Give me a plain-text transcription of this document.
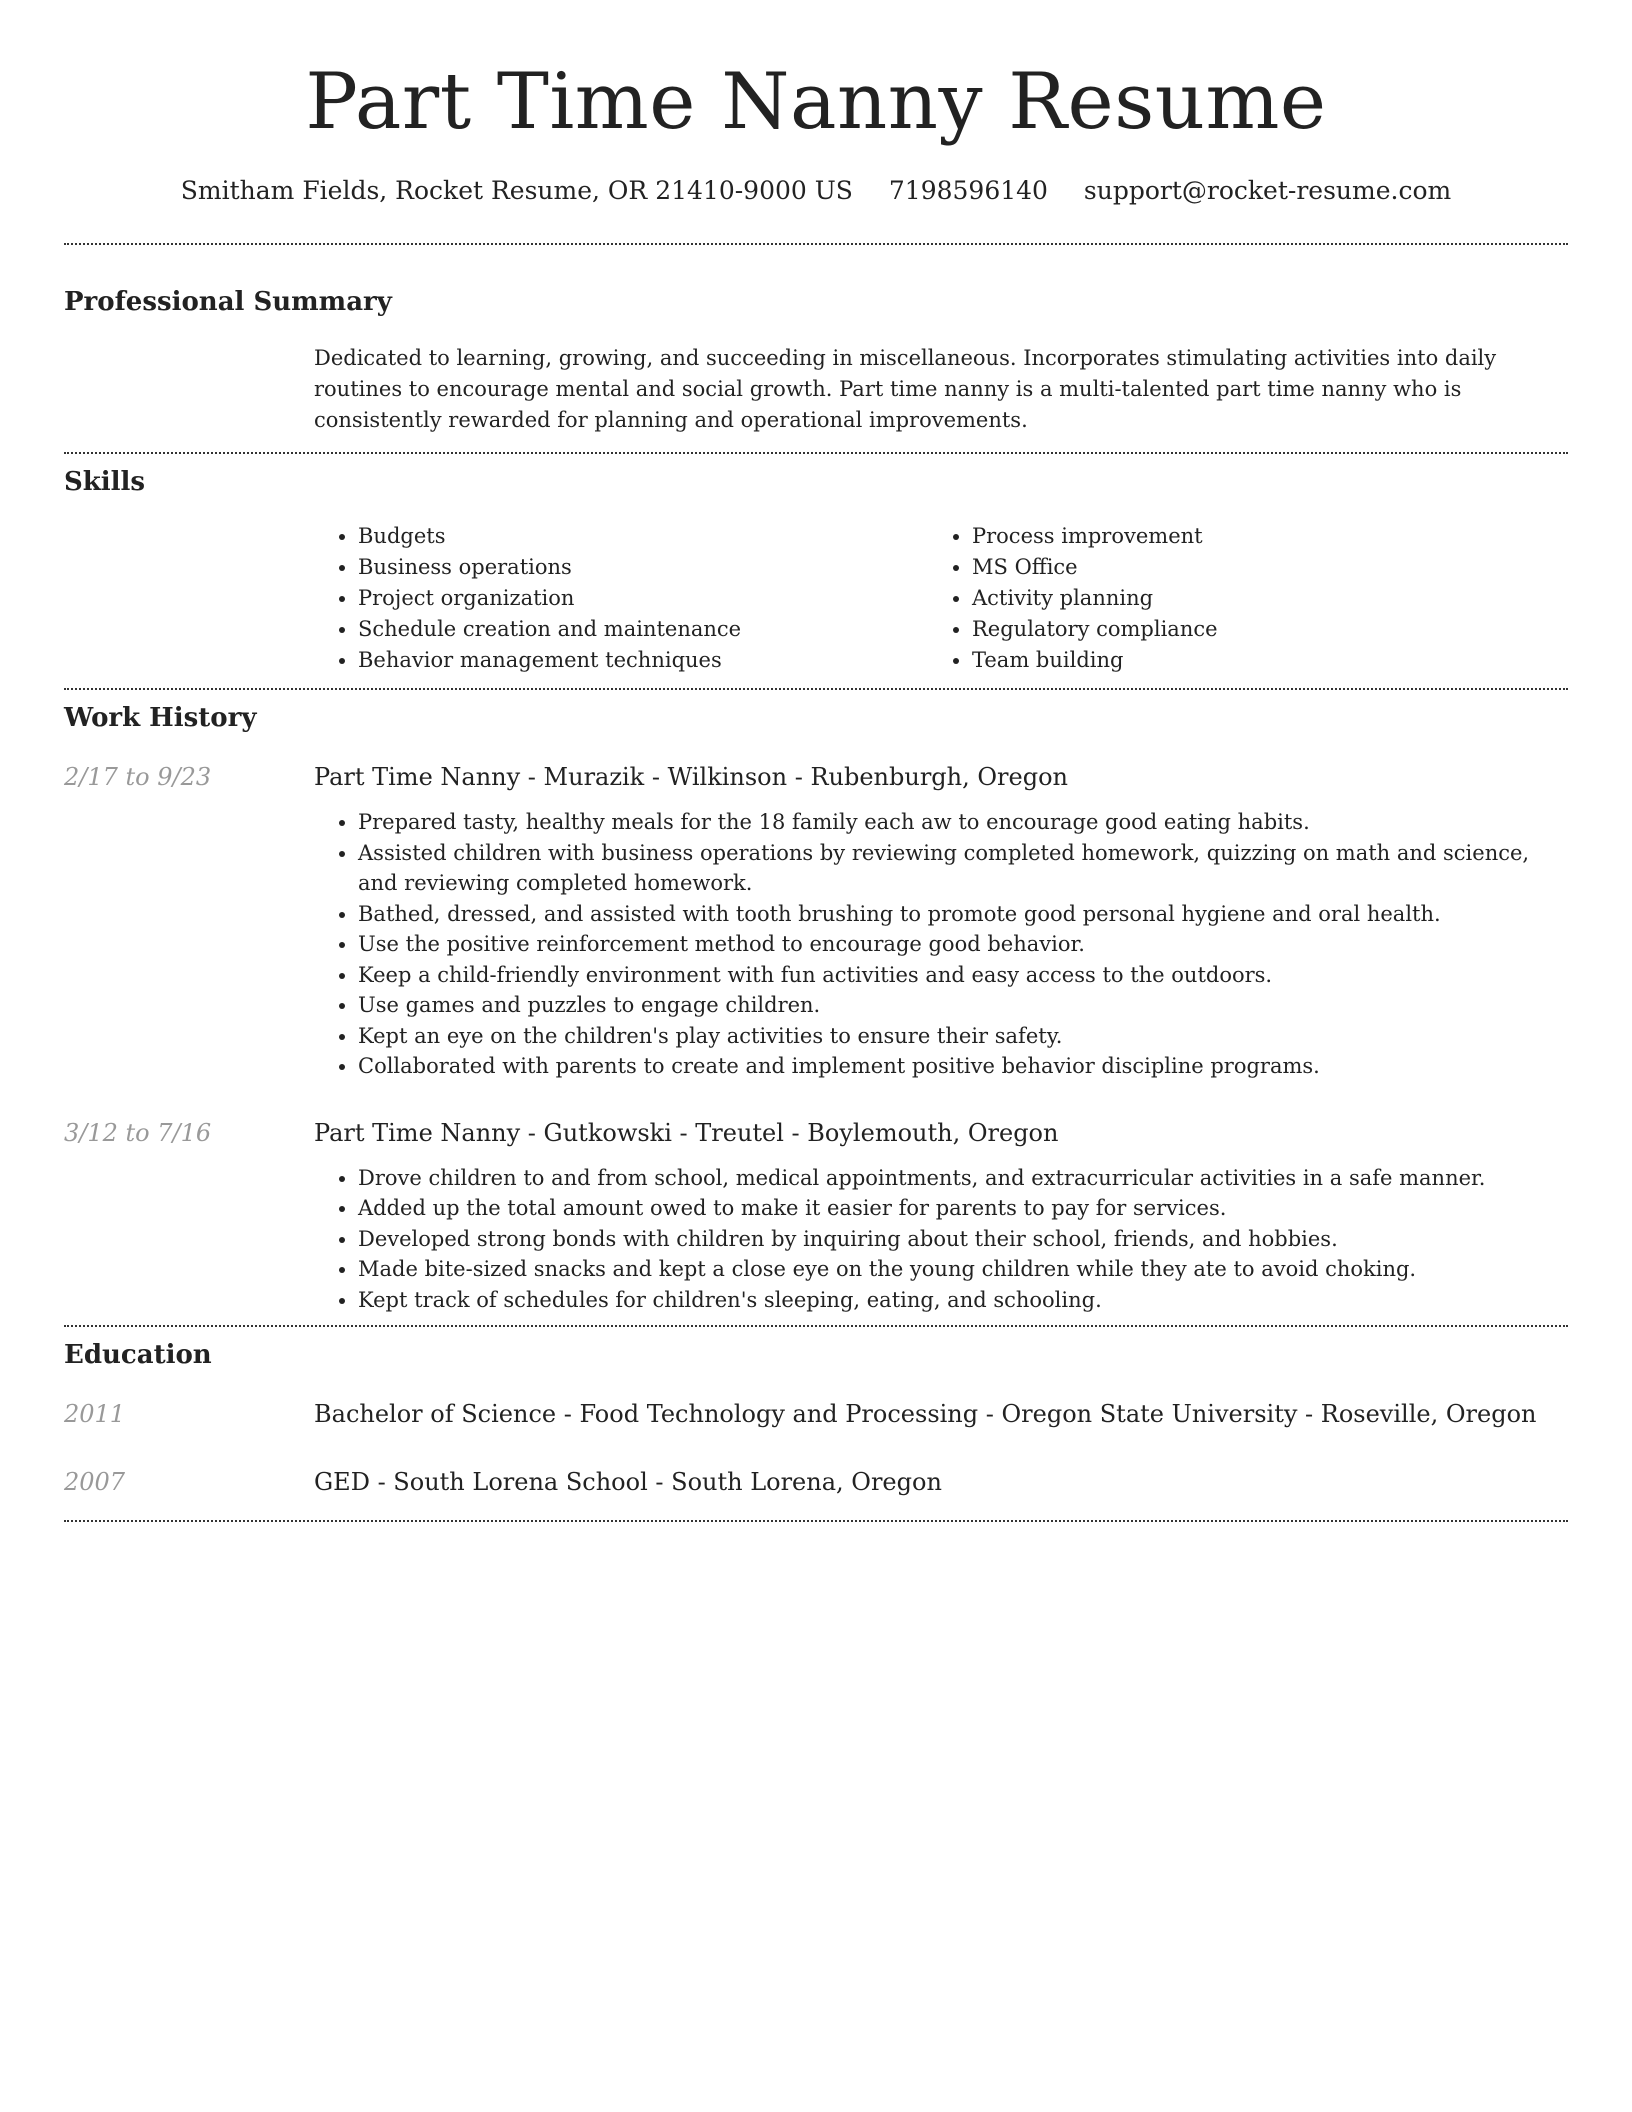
Part Time Nanny Resume
Smitham Fields, Rocket Resume, OR 21410-9000 US 7198596140 support@rocket-resume.com
Professional Summary

Dedicated to learning, growing, and succeeding in miscellaneous. Incorporates stimulating activities into daily routines to encourage mental and social growth. Part time nanny is a multi-talented part time nanny who is consistently rewarded for planning and operational improvements.

Skills
• Budgets
• Business operations
• Project organization
• Schedule creation and maintenance
• Behavior management techniques
• Process improvement
• MS Office
• Activity planning
• Regulatory compliance
• Team building
Work History
2/17 to 9/23	Part Time Nanny - Murazik - Wilkinson - Rubenburgh, Oregon
• Prepared tasty, healthy meals for the 18 family each aw to encourage good eating habits.
• Assisted children with business operations by reviewing completed homework, quizzing on math and science, and reviewing completed homework.
• Bathed, dressed, and assisted with tooth brushing to promote good personal hygiene and oral health.
• Use the positive reinforcement method to encourage good behavior.
• Keep a child-friendly environment with fun activities and easy access to the outdoors.
• Use games and puzzles to engage children.
• Kept an eye on the children's play activities to ensure their safety.
• Collaborated with parents to create and implement positive behavior discipline programs.
3/12 to 7/16	Part Time Nanny - Gutkowski - Treutel - Boylemouth, Oregon
• Drove children to and from school, medical appointments, and extracurricular activities in a safe manner.
• Added up the total amount owed to make it easier for parents to pay for services.
• Developed strong bonds with children by inquiring about their school, friends, and hobbies.
• Made bite-sized snacks and kept a close eye on the young children while they ate to avoid choking.
• Kept track of schedules for children's sleeping, eating, and schooling.
Education
2011	Bachelor of Science - Food Technology and Processing - Oregon State University - Roseville, Oregon
2007	GED - South Lorena School - South Lorena, Oregon
